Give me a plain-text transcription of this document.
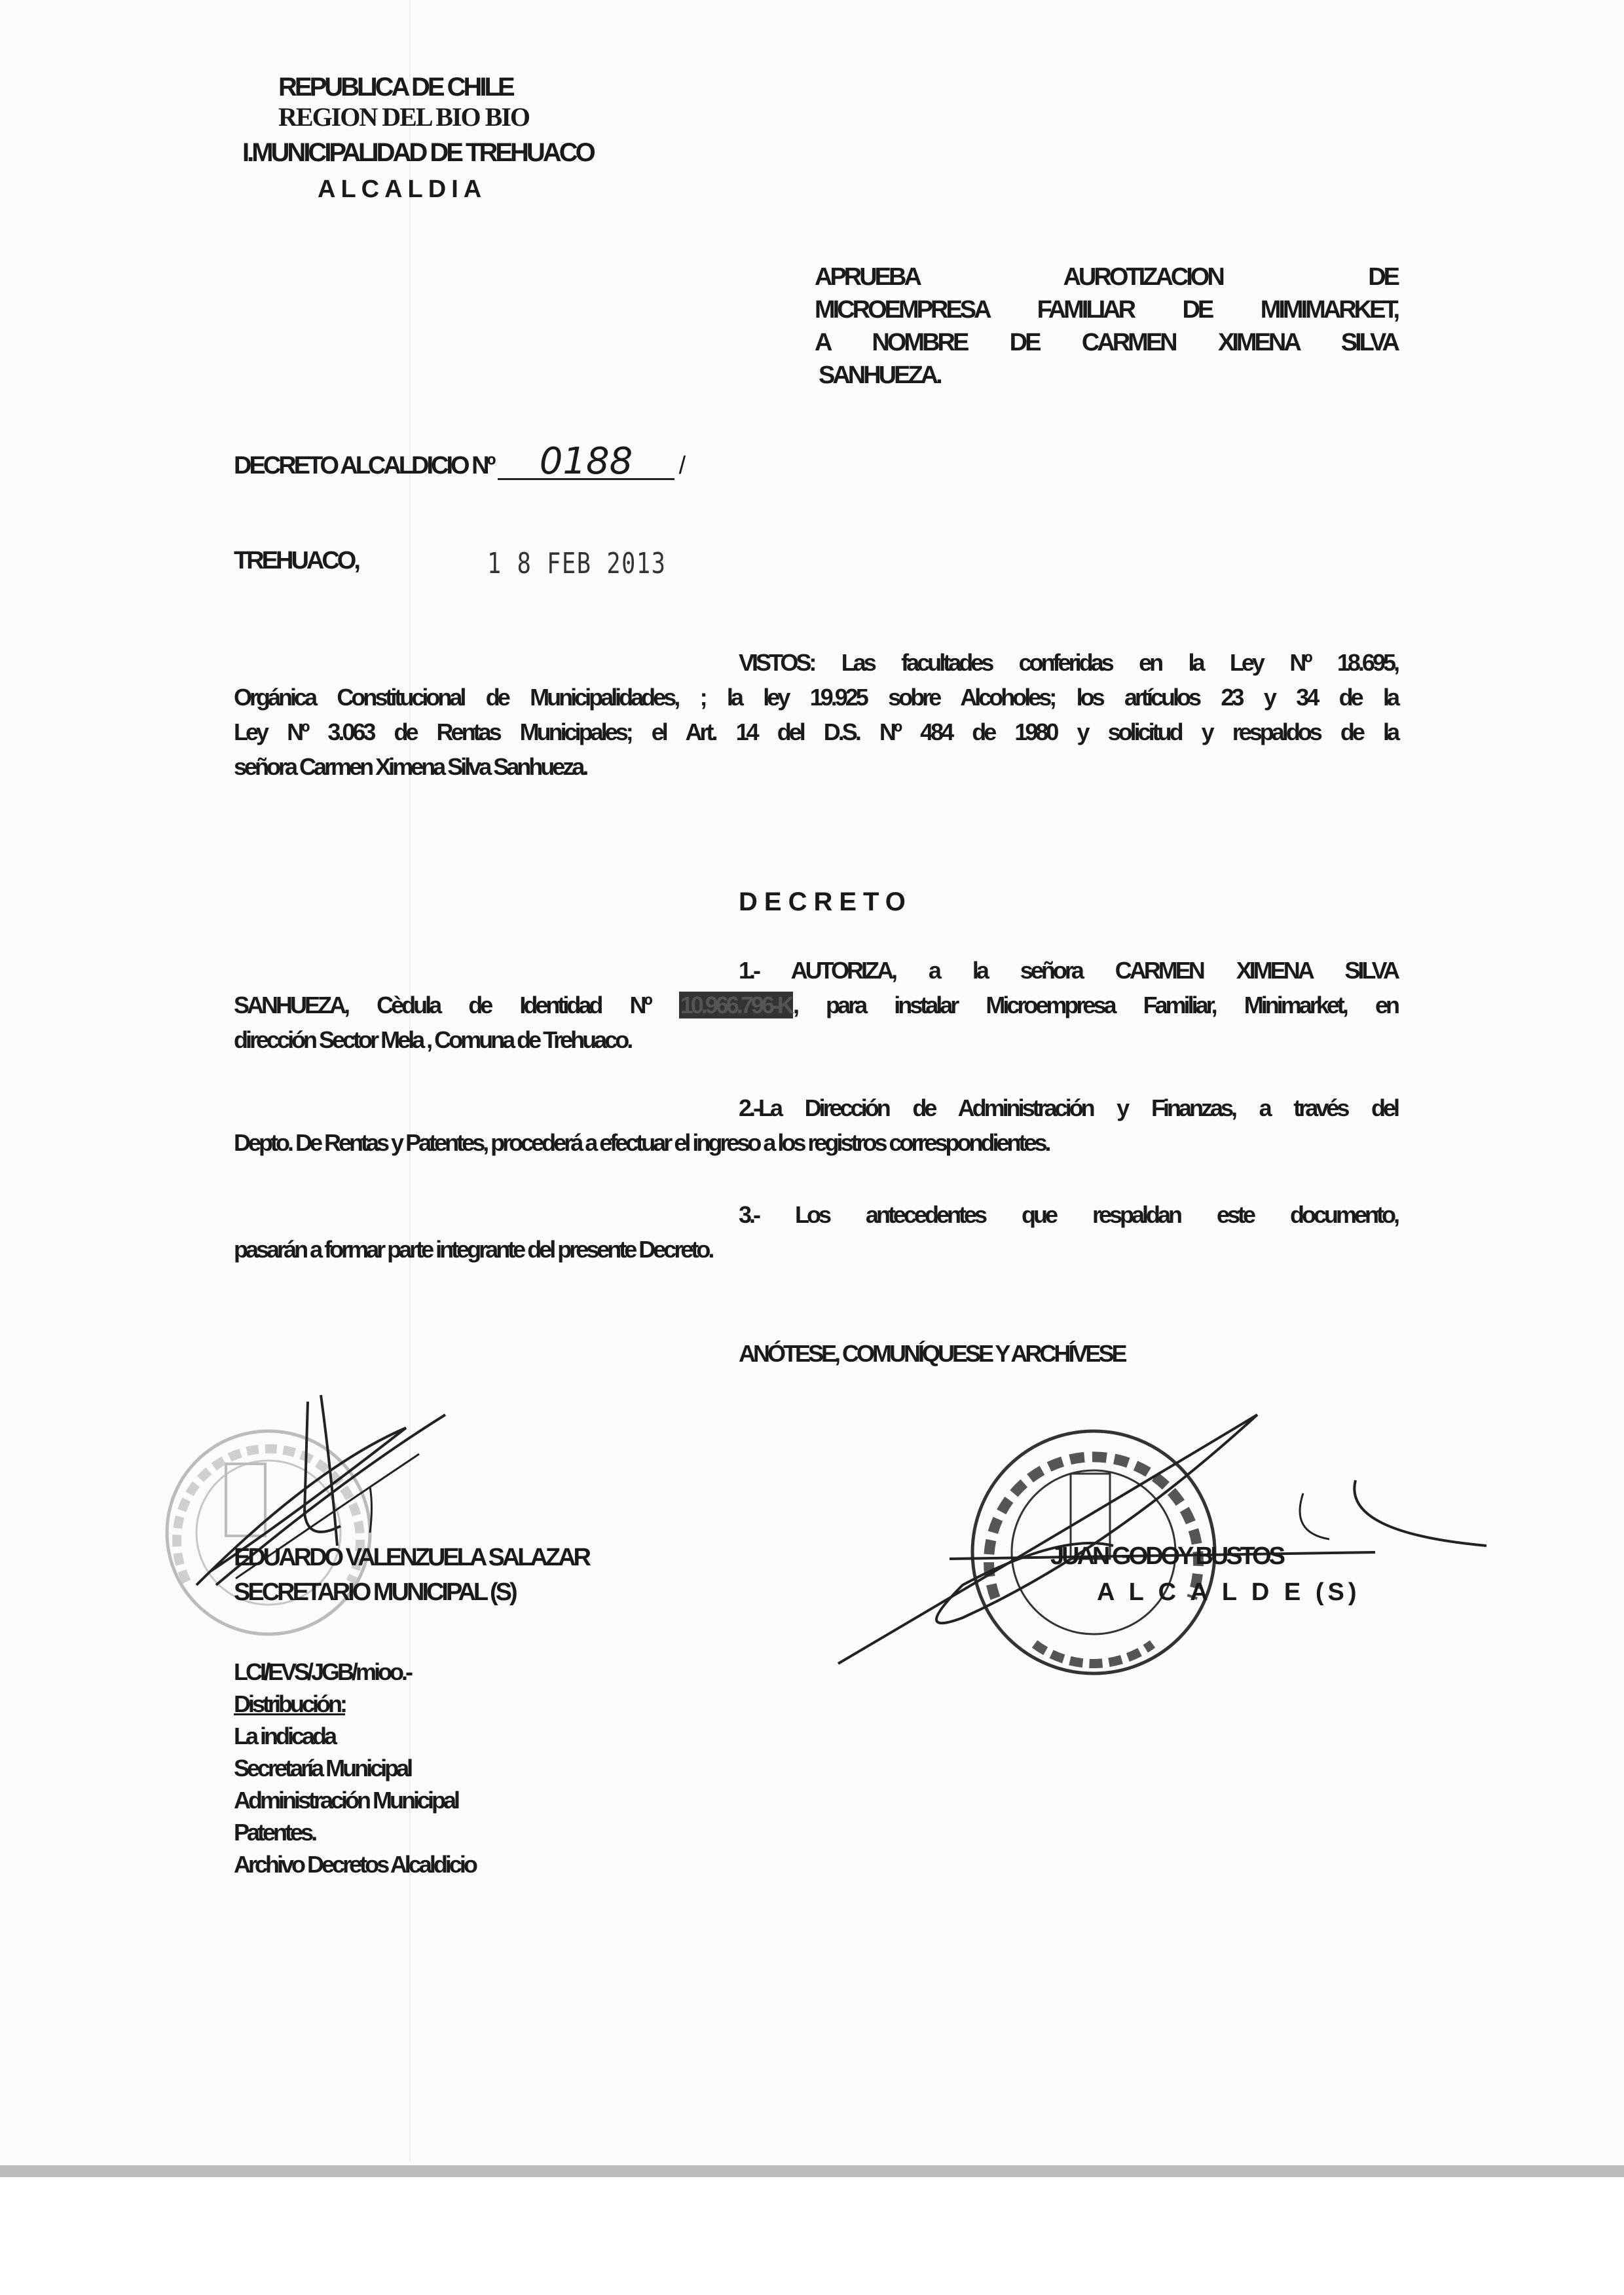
REPUBLICA DE CHILE
REGION DEL BIO BIO
I.MUNICIPALIDAD DE TREHUACO
ALCALDIA
APRUEBA AUROTIZACION DE
MICROEMPRESA FAMILIAR DE MIMIMARKET,
A NOMBRE DE CARMEN XIMENA SILVA
SANHUEZA.
DECRETO ALCALDICIO Nº 0188 /
TREHUACO,	1 8 FEB 2013
VISTOS: Las facultades conferidas en la Ley Nº 18.695,
Orgánica Constitucional de Municipalidades, ; la ley 19.925 sobre Alcoholes; los artículos 23 y 34 de la
Ley Nº 3.063 de Rentas Municipales; el Art. 14 del D.S. Nº 484 de 1980 y solicitud y respaldos de la
señora Carmen Ximena Silva Sanhueza.
DECRETO
1.- AUTORIZA, a la señora CARMEN XIMENA SILVA
SANHUEZA, Cèdula de Identidad Nº 10.966.796-K, para instalar Microempresa Familiar, Minimarket, en
dirección Sector Mela , Comuna de Trehuaco.
2.-La Dirección de Administración y Finanzas, a través del
Depto. De Rentas y Patentes, procederá a efectuar el ingreso a los registros correspondientes.
3.- Los antecedentes que respaldan este documento,
pasarán a formar parte integrante del presente Decreto.
ANÓTESE, COMUNÍQUESE Y ARCHÍVESE
EDUARDO VALENZUELA SALAZAR
SECRETARIO MUNICIPAL (S)
JUAN GODOY BUSTOS
A L C A L D E (S)
LCI/EVS/JGB/mioo.-
Distribución:
La indicada
Secretaría Municipal
Administración Municipal
Patentes.
Archivo Decretos Alcaldicio
